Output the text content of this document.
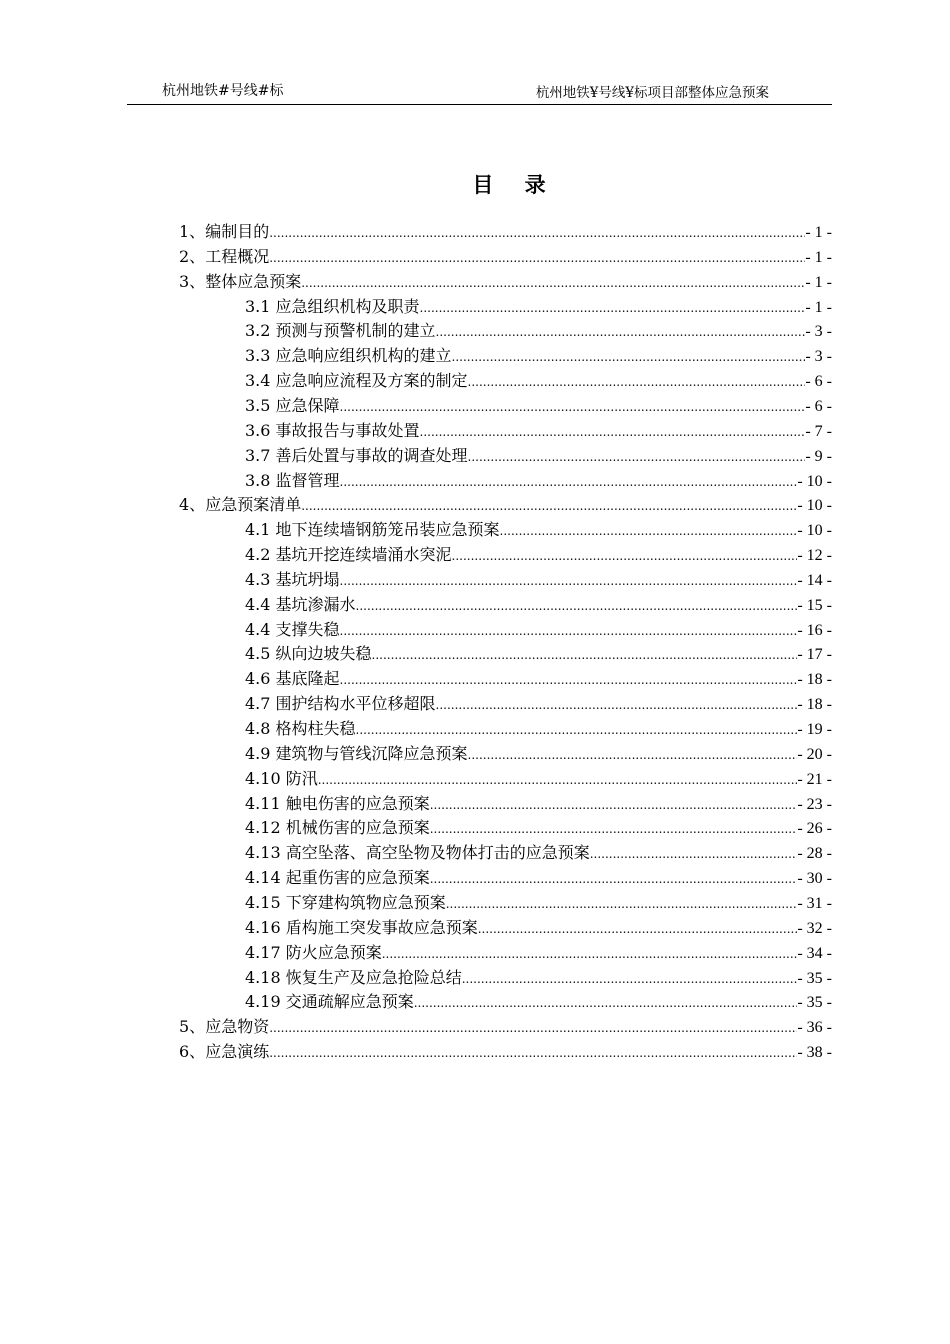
杭州地铁#号线#标	杭州地铁¥号线¥标项目部整体应急预案
目 录
1、 编制目的 .....	- 1 -
2、 工程概况 .....	- 1 -
3、 整体应急预案 .....	- 1 -
3.1 应急组织机构及职责 .....	- 1 -
3.2 预测与预警机制的建立 .....	- 3 -
3.3 应急响应组织机构的建立 .....	- 3 -
3.4 应急响应流程及方案的制定 .....	- 6 -
3.5 应急保障 .....	- 6 -
3.6 事故报告与事故处置 .....	- 7 -
3.7 善后处置与事故的调查处理 .....	- 9 -
3.8 监督管理 .....	- 10 -
4、 应急预案清单 .....	- 10 -
4.1 地下连续墙钢筋笼吊装应急预案 .....	- 10 -
4.2 基坑开挖连续墙涌水突泥 .....	- 12 -
4.3 基坑坍塌 .....	- 14 -
4.4 基坑渗漏水 .....	- 15 -
4.4 支撑失稳 .....	- 16 -
4.5 纵向边坡失稳 .....	- 17 -
4.6 基底隆起 .....	- 18 -
4.7 围护结构水平位移超限 .....	- 18 -
4.8 格构柱失稳 .....	- 19 -
4.9 建筑物与管线沉降应急预案 .....	- 20 -
4.10 防汛 .....	- 21 -
4.11 触电伤害的应急预案 .....	- 23 -
4.12 机械伤害的应急预案 .....	- 26 -
4.13 高空坠落、高空坠物及物体打击的应急预案 .....	- 28 -
4.14 起重伤害的应急预案 .....	- 30 -
4.15 下穿建构筑物应急预案 .....	- 31 -
4.16 盾构施工突发事故应急预案 .....	- 32 -
4.17 防火应急预案 .....	- 34 -
4.18 恢复生产及应急抢险总结 .....	- 35 -
4.19 交通疏解应急预案 .....	- 35 -
5、 应急物资 .....	- 36 -
6、 应急演练 .....	- 38 -
